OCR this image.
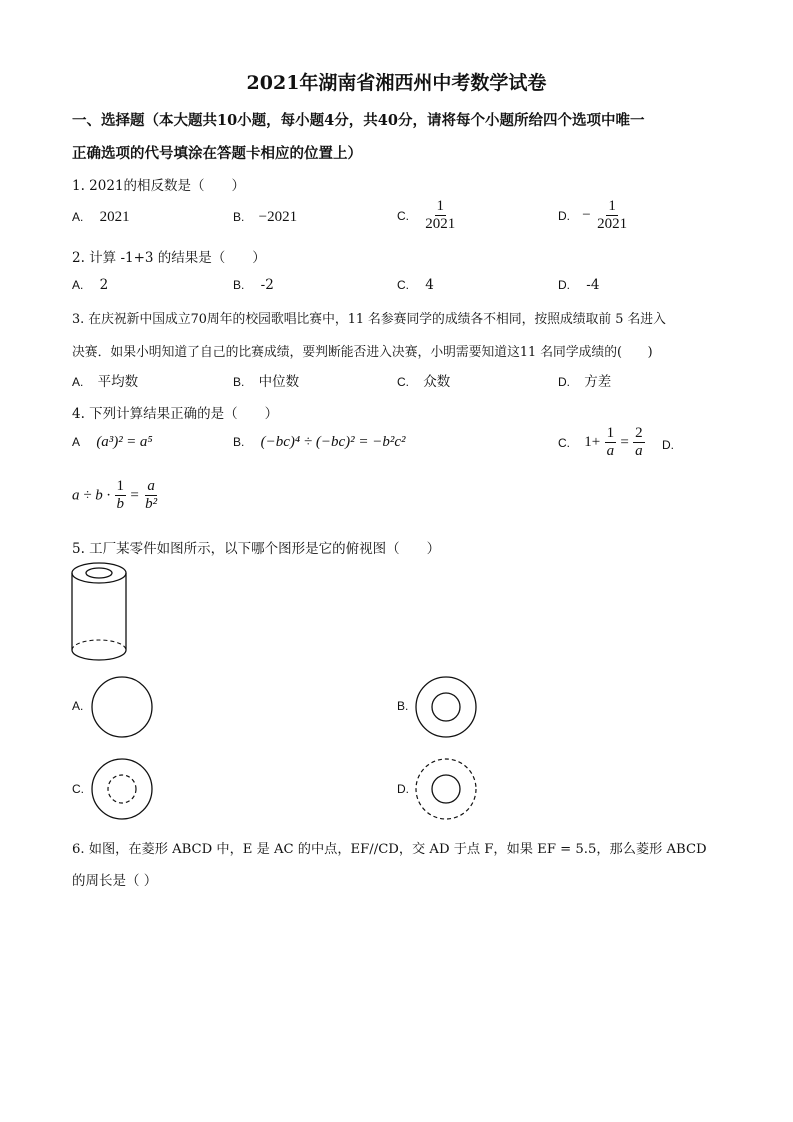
2021年湖南省湘西州中考数学试卷
一、选择题（本大题共10小题，每小题4分，共40分，请将每个小题所给四个选项中唯一
正确选项的代号填涂在答题卡相应的位置上）
1. 2021的相反数是（　　）
A. 2021	B. −2021	C. $\frac{1}{2021}$	D. − $\frac{1}{2021}$
2. 计算 -1+3 的结果是（　　）
A. 2	B. -2	C. 4	D. -4
3. 在庆祝新中国成立70周年的校园歌唱比赛中，11 名参赛同学的成绩各不相同，按照成绩取前 5 名进入
决赛．如果小明知道了自己的比赛成绩，要判断能否进入决赛，小明需要知道这11 名同学成绩的(　　)
A. 平均数	B. 中位数	C. 众数	D. 方差
4. 下列计算结果正确的是（　　）
A (a³)² = a⁵	B. (−bc)⁴ ÷ (−bc)² = −b²c²	C. $1+ \frac{1}{a} = \frac{2}{a} D$.
$a \div b \cdot \frac{1}{b} = \frac{a}{\text{b²}}$
5. 工厂某零件如图所示，以下哪个图形是它的俯视图（　　）
A.	B.
C.	D.
6. 如图，在菱形 ABCD 中，E 是 AC 的中点，EF//CD，交 AD 于点 F，如果 EF = 5.5，那么菱形 ABCD
的周长是（ ）
